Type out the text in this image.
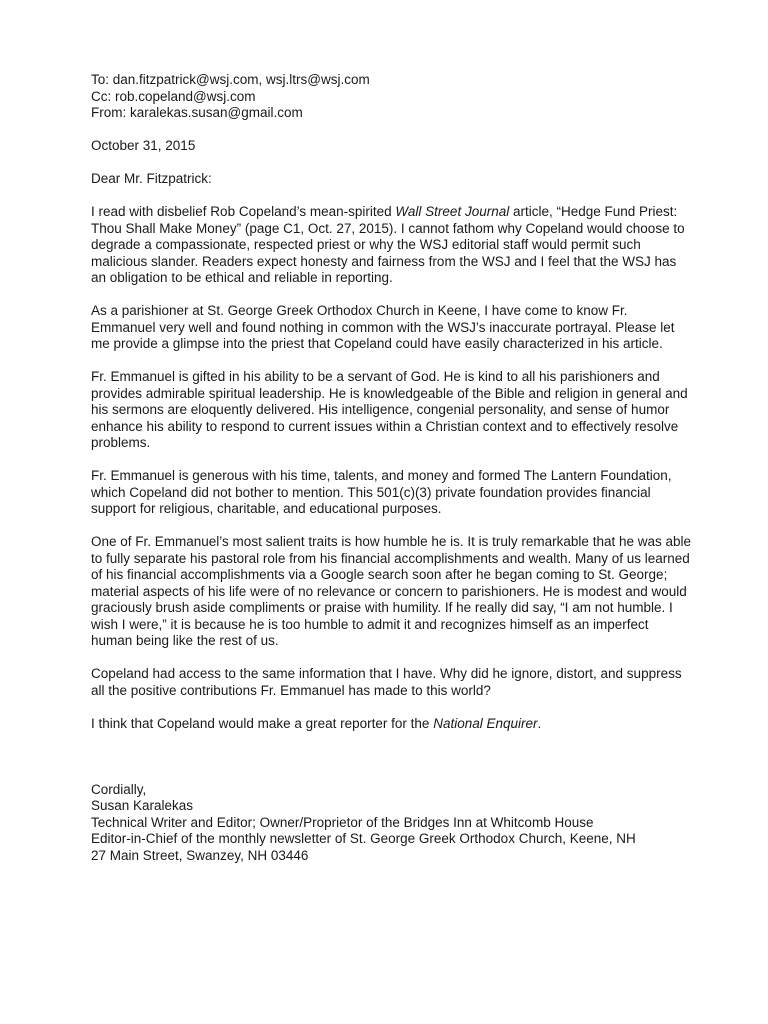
To: dan.fitzpatrick@wsj.com, wsj.ltrs@wsj.com
Cc: rob.copeland@wsj.com
From: karalekas.susan@gmail.com

October 31, 2015

Dear Mr. Fitzpatrick:

I read with disbelief Rob Copeland’s mean-spirited Wall Street Journal article, “Hedge Fund Priest: Thou Shall Make Money” (page C1, Oct. 27, 2015). I cannot fathom why Copeland would choose to degrade a compassionate, respected priest or why the WSJ editorial staff would permit such malicious slander. Readers expect honesty and fairness from the WSJ and I feel that the WSJ has an obligation to be ethical and reliable in reporting.

As a parishioner at St. George Greek Orthodox Church in Keene, I have come to know Fr. Emmanuel very well and found nothing in common with the WSJ’s inaccurate portrayal. Please let me provide a glimpse into the priest that Copeland could have easily characterized in his article.

Fr. Emmanuel is gifted in his ability to be a servant of God. He is kind to all his parishioners and provides admirable spiritual leadership. He is knowledgeable of the Bible and religion in general and his sermons are eloquently delivered. His intelligence, congenial personality, and sense of humor enhance his ability to respond to current issues within a Christian context and to effectively resolve problems.

Fr. Emmanuel is generous with his time, talents, and money and formed The Lantern Foundation, which Copeland did not bother to mention. This 501(c)(3) private foundation provides financial support for religious, charitable, and educational purposes.

One of Fr. Emmanuel’s most salient traits is how humble he is. It is truly remarkable that he was able to fully separate his pastoral role from his financial accomplishments and wealth. Many of us learned of his financial accomplishments via a Google search soon after he began coming to St. George; material aspects of his life were of no relevance or concern to parishioners. He is modest and would graciously brush aside compliments or praise with humility. If he really did say, “I am not humble. I wish I were,” it is because he is too humble to admit it and recognizes himself as an imperfect human being like the rest of us.

Copeland had access to the same information that I have. Why did he ignore, distort, and suppress all the positive contributions Fr. Emmanuel has made to this world?

I think that Copeland would make a great reporter for the National Enquirer.

Cordially,
Susan Karalekas
Technical Writer and Editor; Owner/Proprietor of the Bridges Inn at Whitcomb House
Editor-in-Chief of the monthly newsletter of St. George Greek Orthodox Church, Keene, NH
27 Main Street, Swanzey, NH 03446
